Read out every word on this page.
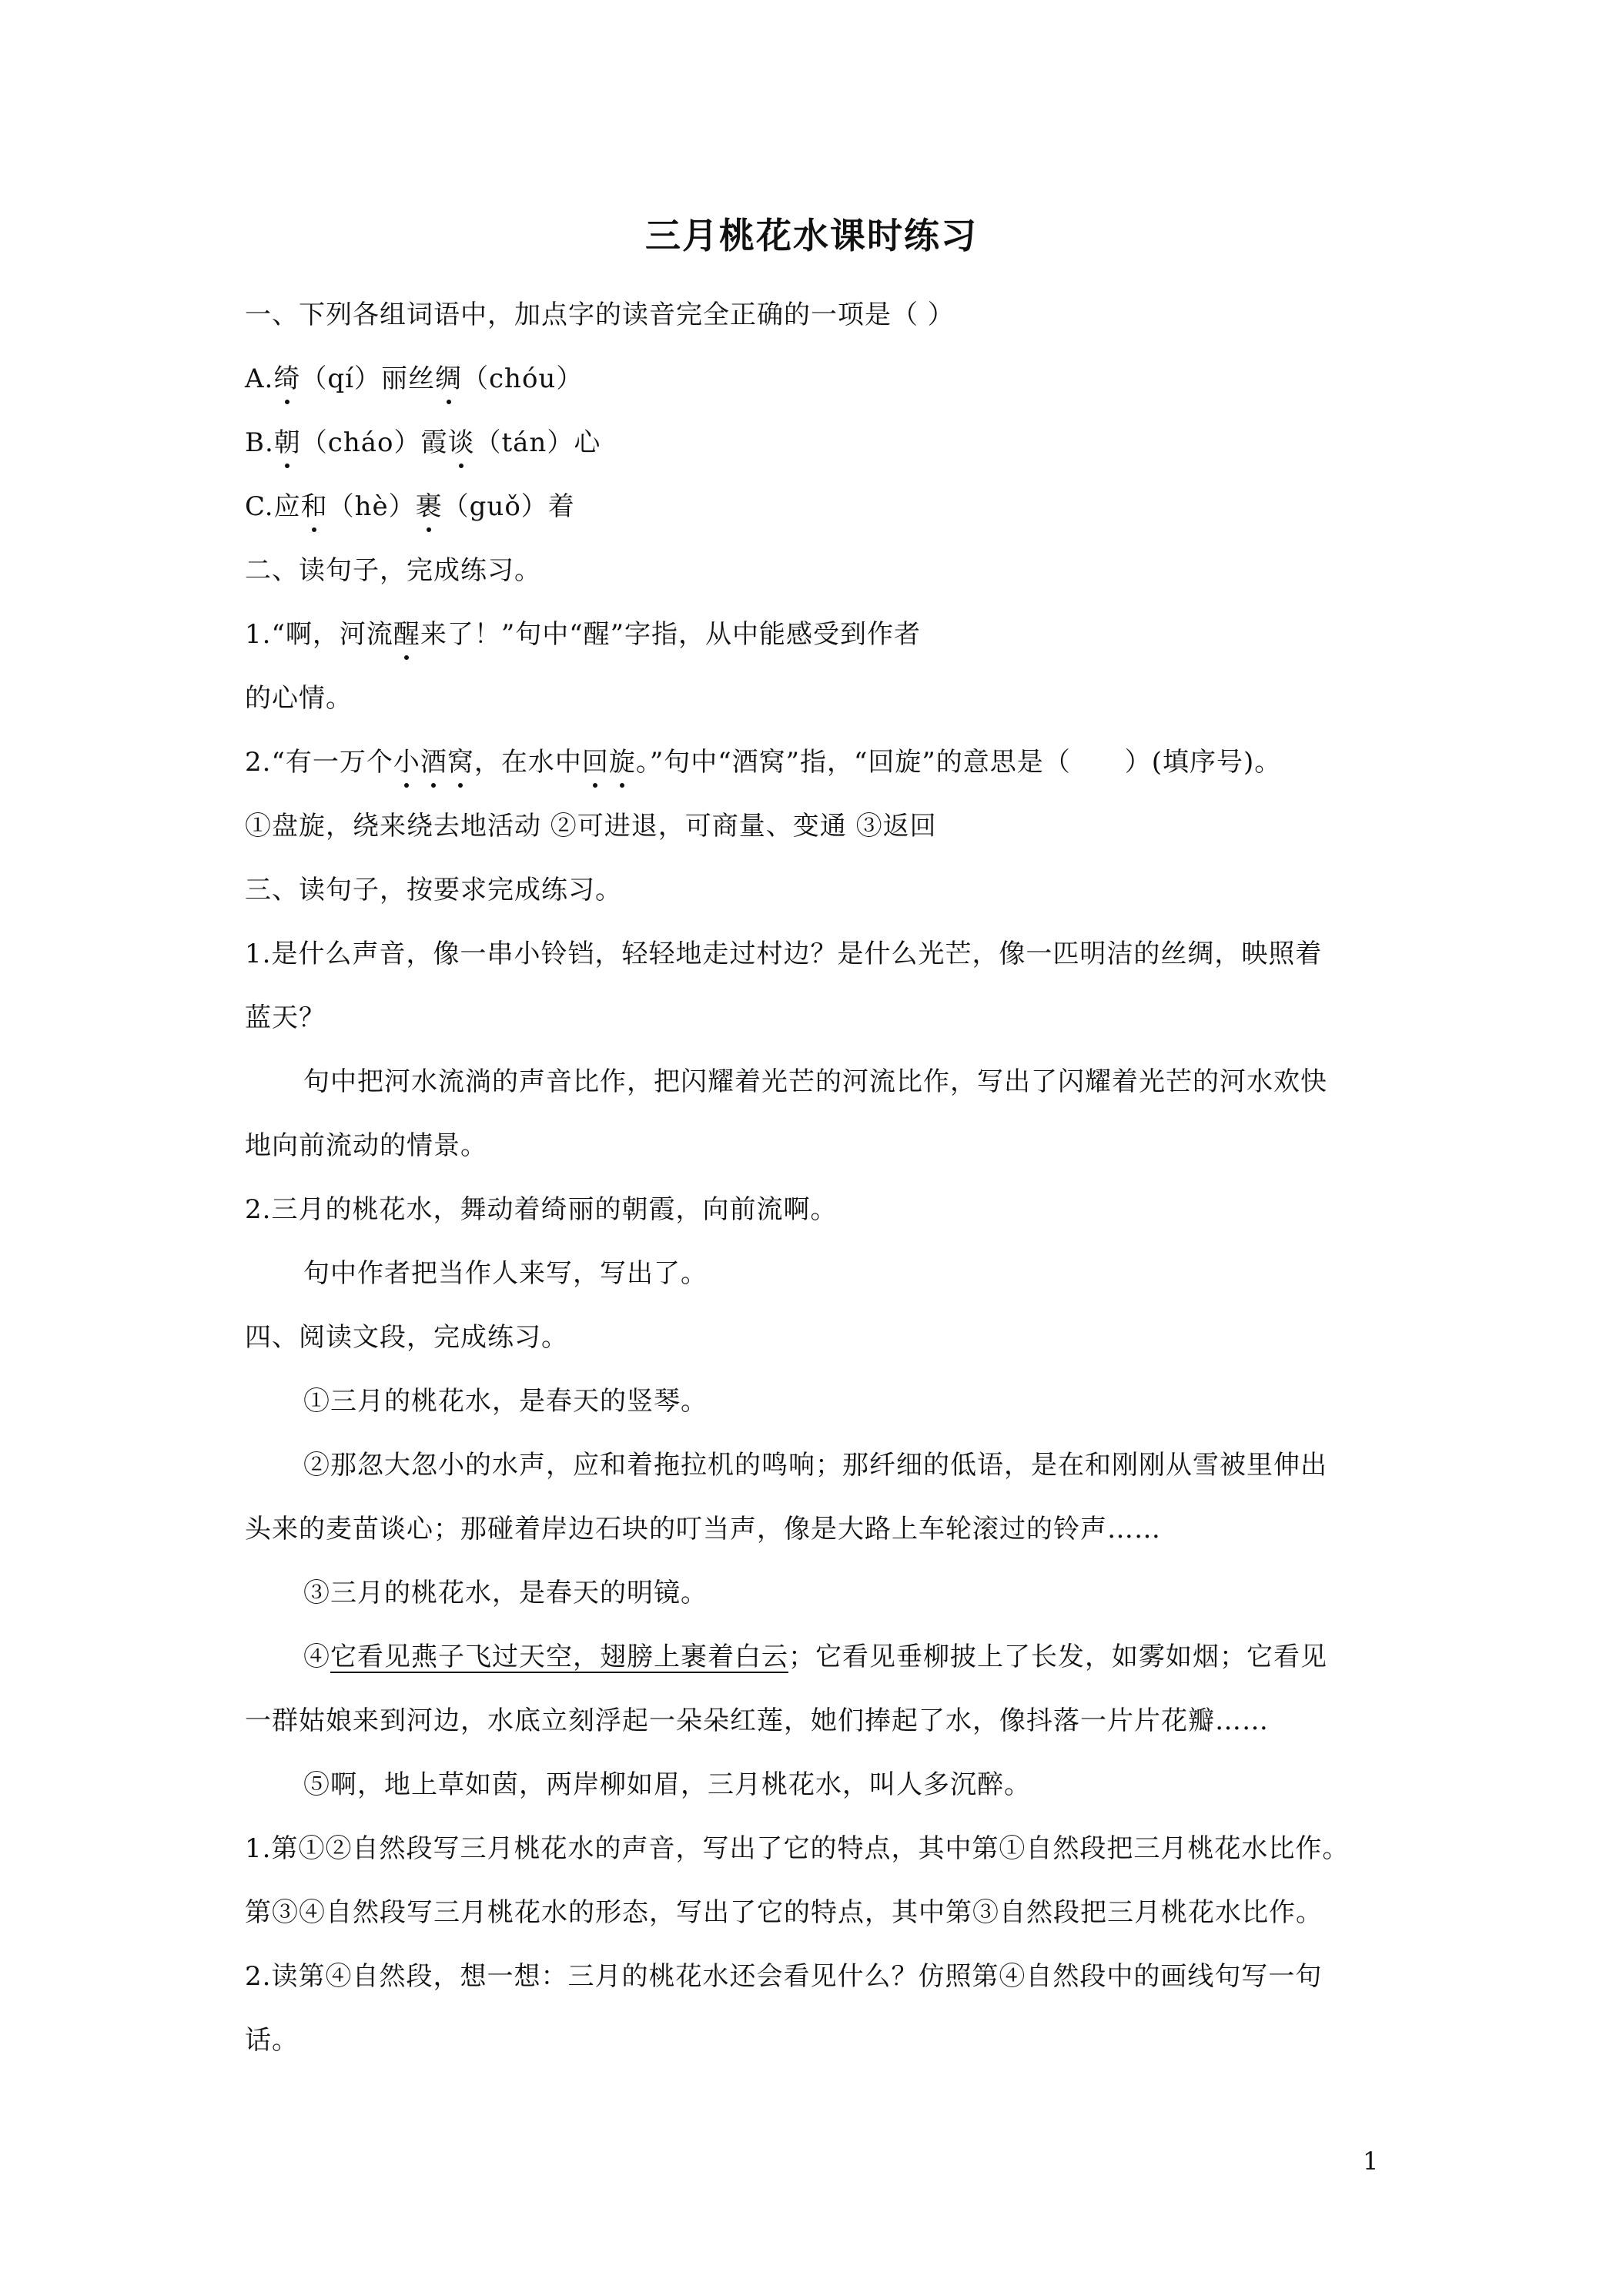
三月桃花水课时练习
一、下列各组词语中，加点字的读音完全正确的一项是（ ）
A.绮（qí）丽丝绸（chóu）
B.朝（cháo）霞谈（tán）心
C.应和（hè）裹（guǒ）着
二、读句子，完成练习。
1.“啊，河流醒来了！”句中“醒”字指，从中能感受到作者
的心情。
2.“有一万个小酒窝，在水中回旋。”句中“酒窝”指，“回旋”的意思是（　　）(填序号)。
①盘旋，绕来绕去地活动 ②可进退，可商量、变通 ③返回
三、读句子，按要求完成练习。
1.是什么声音，像一串小铃铛，轻轻地走过村边？是什么光芒，像一匹明洁的丝绸，映照着
蓝天？
句中把河水流淌的声音比作，把闪耀着光芒的河流比作，写出了闪耀着光芒的河水欢快
地向前流动的情景。
2.三月的桃花水，舞动着绮丽的朝霞，向前流啊。
句中作者把当作人来写，写出了。
四、阅读文段，完成练习。
①三月的桃花水，是春天的竖琴。
②那忽大忽小的水声，应和着拖拉机的鸣响；那纤细的低语，是在和刚刚从雪被里伸出
头来的麦苗谈心；那碰着岸边石块的叮当声，像是大路上车轮滚过的铃声……
③三月的桃花水，是春天的明镜。
④它看见燕子飞过天空，翅膀上裹着白云；它看见垂柳披上了长发，如雾如烟；它看见
一群姑娘来到河边，水底立刻浮起一朵朵红莲，她们捧起了水，像抖落一片片花瓣……
⑤啊，地上草如茵，两岸柳如眉，三月桃花水，叫人多沉醉。
1.第①②自然段写三月桃花水的声音，写出了它的特点，其中第①自然段把三月桃花水比作。
第③④自然段写三月桃花水的形态，写出了它的特点，其中第③自然段把三月桃花水比作。
2.读第④自然段，想一想：三月的桃花水还会看见什么？仿照第④自然段中的画线句写一句
话。
1
